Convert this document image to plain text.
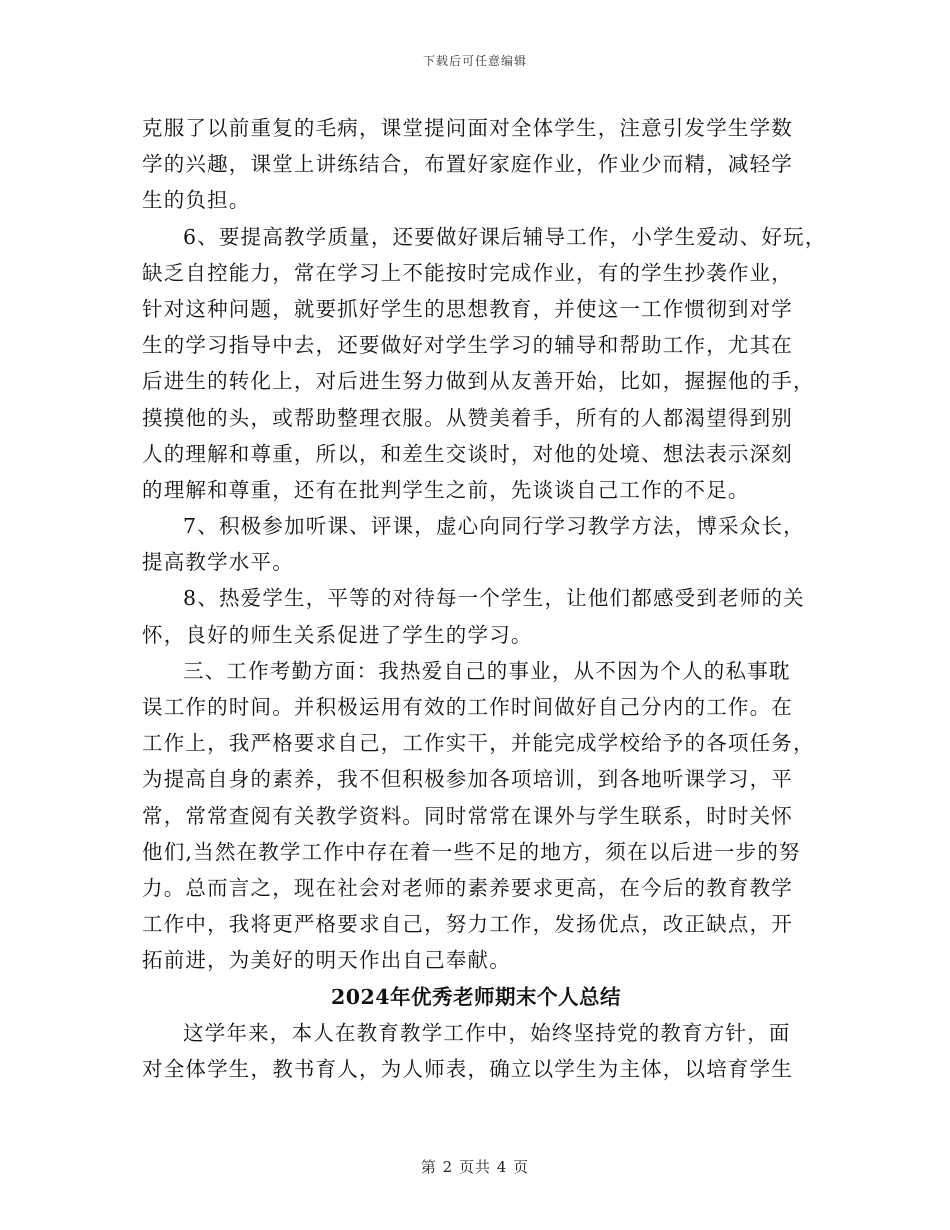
下载后可任意编辑
克服了以前重复的毛病，课堂提问面对全体学生，注意引发学生学数
学的兴趣，课堂上讲练结合，布置好家庭作业，作业少而精，减轻学
生的负担。
6、要提高教学质量，还要做好课后辅导工作，小学生爱动、好玩，
缺乏自控能力，常在学习上不能按时完成作业，有的学生抄袭作业，
针对这种问题，就要抓好学生的思想教育，并使这一工作惯彻到对学
生的学习指导中去，还要做好对学生学习的辅导和帮助工作，尤其在
后进生的转化上，对后进生努力做到从友善开始，比如，握握他的手，
摸摸他的头，或帮助整理衣服。从赞美着手，所有的人都渴望得到别
人的理解和尊重，所以，和差生交谈时，对他的处境、想法表示深刻
的理解和尊重，还有在批判学生之前，先谈谈自己工作的不足。
7、积极参加听课、评课，虚心向同行学习教学方法，博采众长，
提高教学水平。
8、热爱学生，平等的对待每一个学生，让他们都感受到老师的关
怀，良好的师生关系促进了学生的学习。
三、工作考勤方面：我热爱自己的事业，从不因为个人的私事耽
误工作的时间。并积极运用有效的工作时间做好自己分内的工作。在
工作上，我严格要求自己，工作实干，并能完成学校给予的各项任务，
为提高自身的素养，我不但积极参加各项培训，到各地听课学习，平
常，常常查阅有关教学资料。同时常常在课外与学生联系，时时关怀
他们,当然在教学工作中存在着一些不足的地方，须在以后进一步的努
力。总而言之，现在社会对老师的素养要求更高，在今后的教育教学
工作中，我将更严格要求自己，努力工作，发扬优点，改正缺点，开
拓前进，为美好的明天作出自己奉献。
2024年优秀老师期末个人总结
这学年来，本人在教育教学工作中，始终坚持党的教育方针，面
对全体学生，教书育人，为人师表，确立以学生为主体，以培育学生
第 2 页共 4 页
